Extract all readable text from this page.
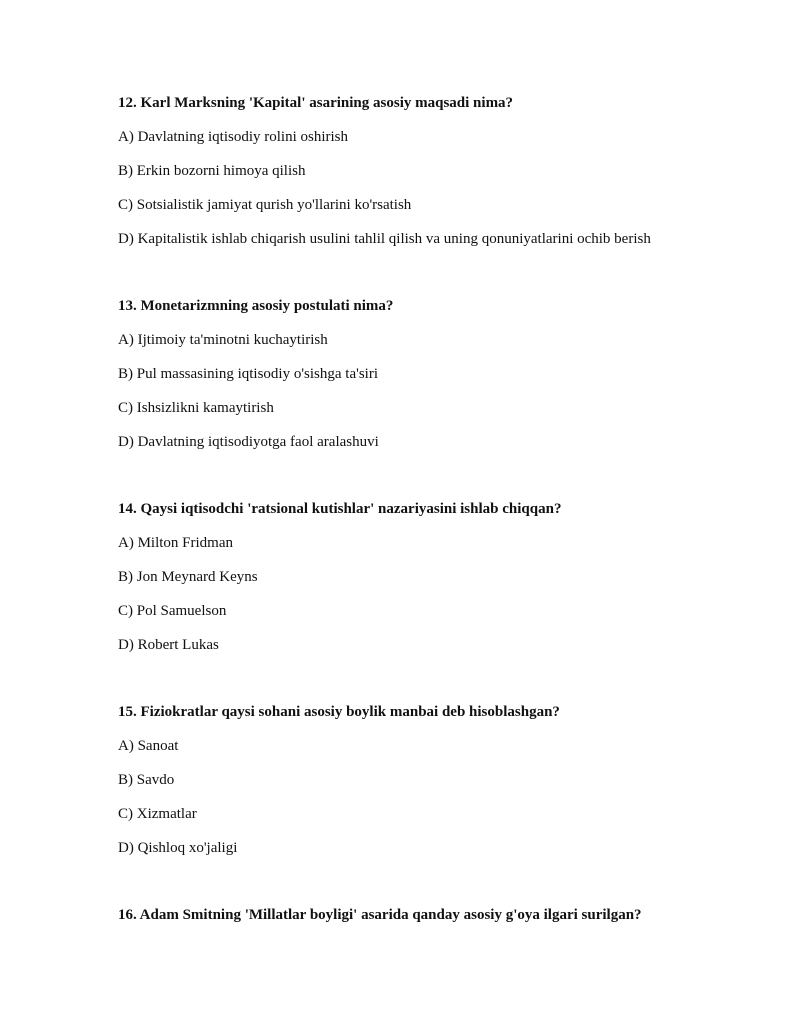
12. Karl Marksning 'Kapital' asarining asosiy maqsadi nima?
A) Davlatning iqtisodiy rolini oshirish
B) Erkin bozorni himoya qilish
C) Sotsialistik jamiyat qurish yo'llarini ko'rsatish
D) Kapitalistik ishlab chiqarish usulini tahlil qilish va uning qonuniyatlarini ochib berish
13. Monetarizmning asosiy postulati nima?
A) Ijtimoiy ta'minotni kuchaytirish
B) Pul massasining iqtisodiy o'sishga ta'siri
C) Ishsizlikni kamaytirish
D) Davlatning iqtisodiyotga faol aralashuvi
14. Qaysi iqtisodchi 'ratsional kutishlar' nazariyasini ishlab chiqqan?
A) Milton Fridman
B) Jon Meynard Keyns
C) Pol Samuelson
D) Robert Lukas
15. Fiziokratlar qaysi sohani asosiy boylik manbai deb hisoblashgan?
A) Sanoat
B) Savdo
C) Xizmatlar
D) Qishloq xo'jaligi
16. Adam Smitning 'Millatlar boyligi' asarida qanday asosiy g'oya ilgari surilgan?
